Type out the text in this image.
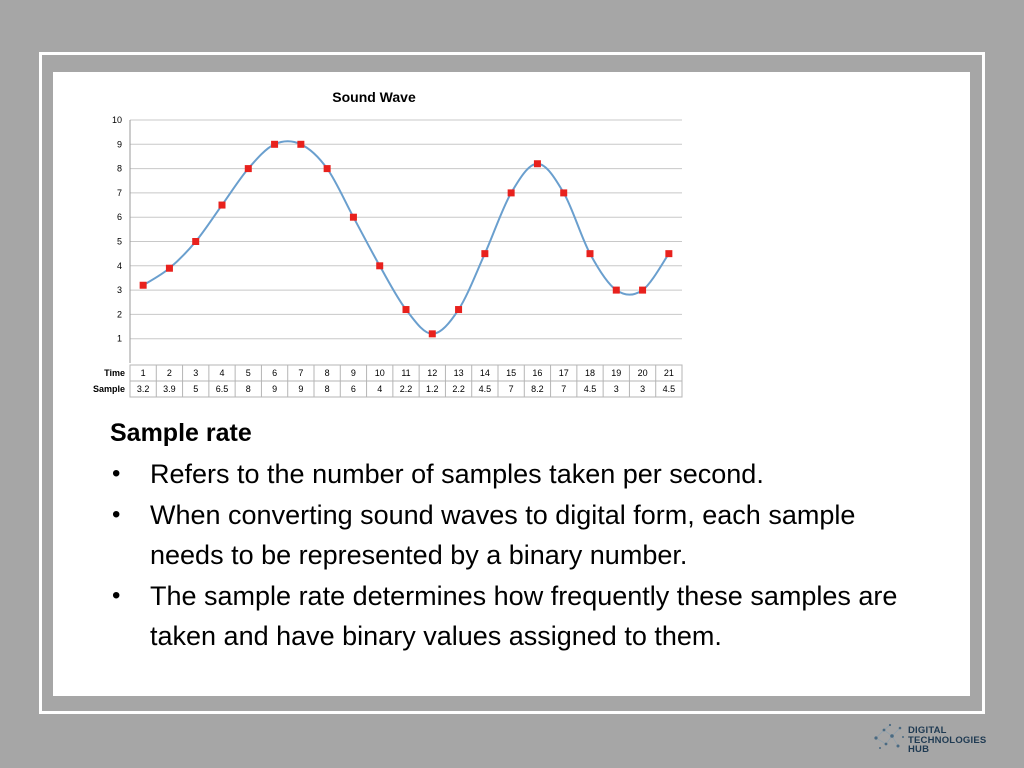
Sound Wave
1
2
3
4
5
6
7
8
9
10
Time
Sample
1 2 3 4 5 6 7 8 9 10 11 12 13 14 15 16 17 18 19 20 21
3.2 3.9 5 6.5 8 9 9 8 6 4 2.2 1.2 2.2 4.5 7 8.2 7 4.5 3 3 4.5
Sample rate
• Refers to the number of samples taken per second.
• When converting sound waves to digital form, each sample needs to be represented by a binary number.
• The sample rate determines how frequently these samples are taken and have binary values assigned to them.
DIGITAL
TECHNOLOGIES
HUB
